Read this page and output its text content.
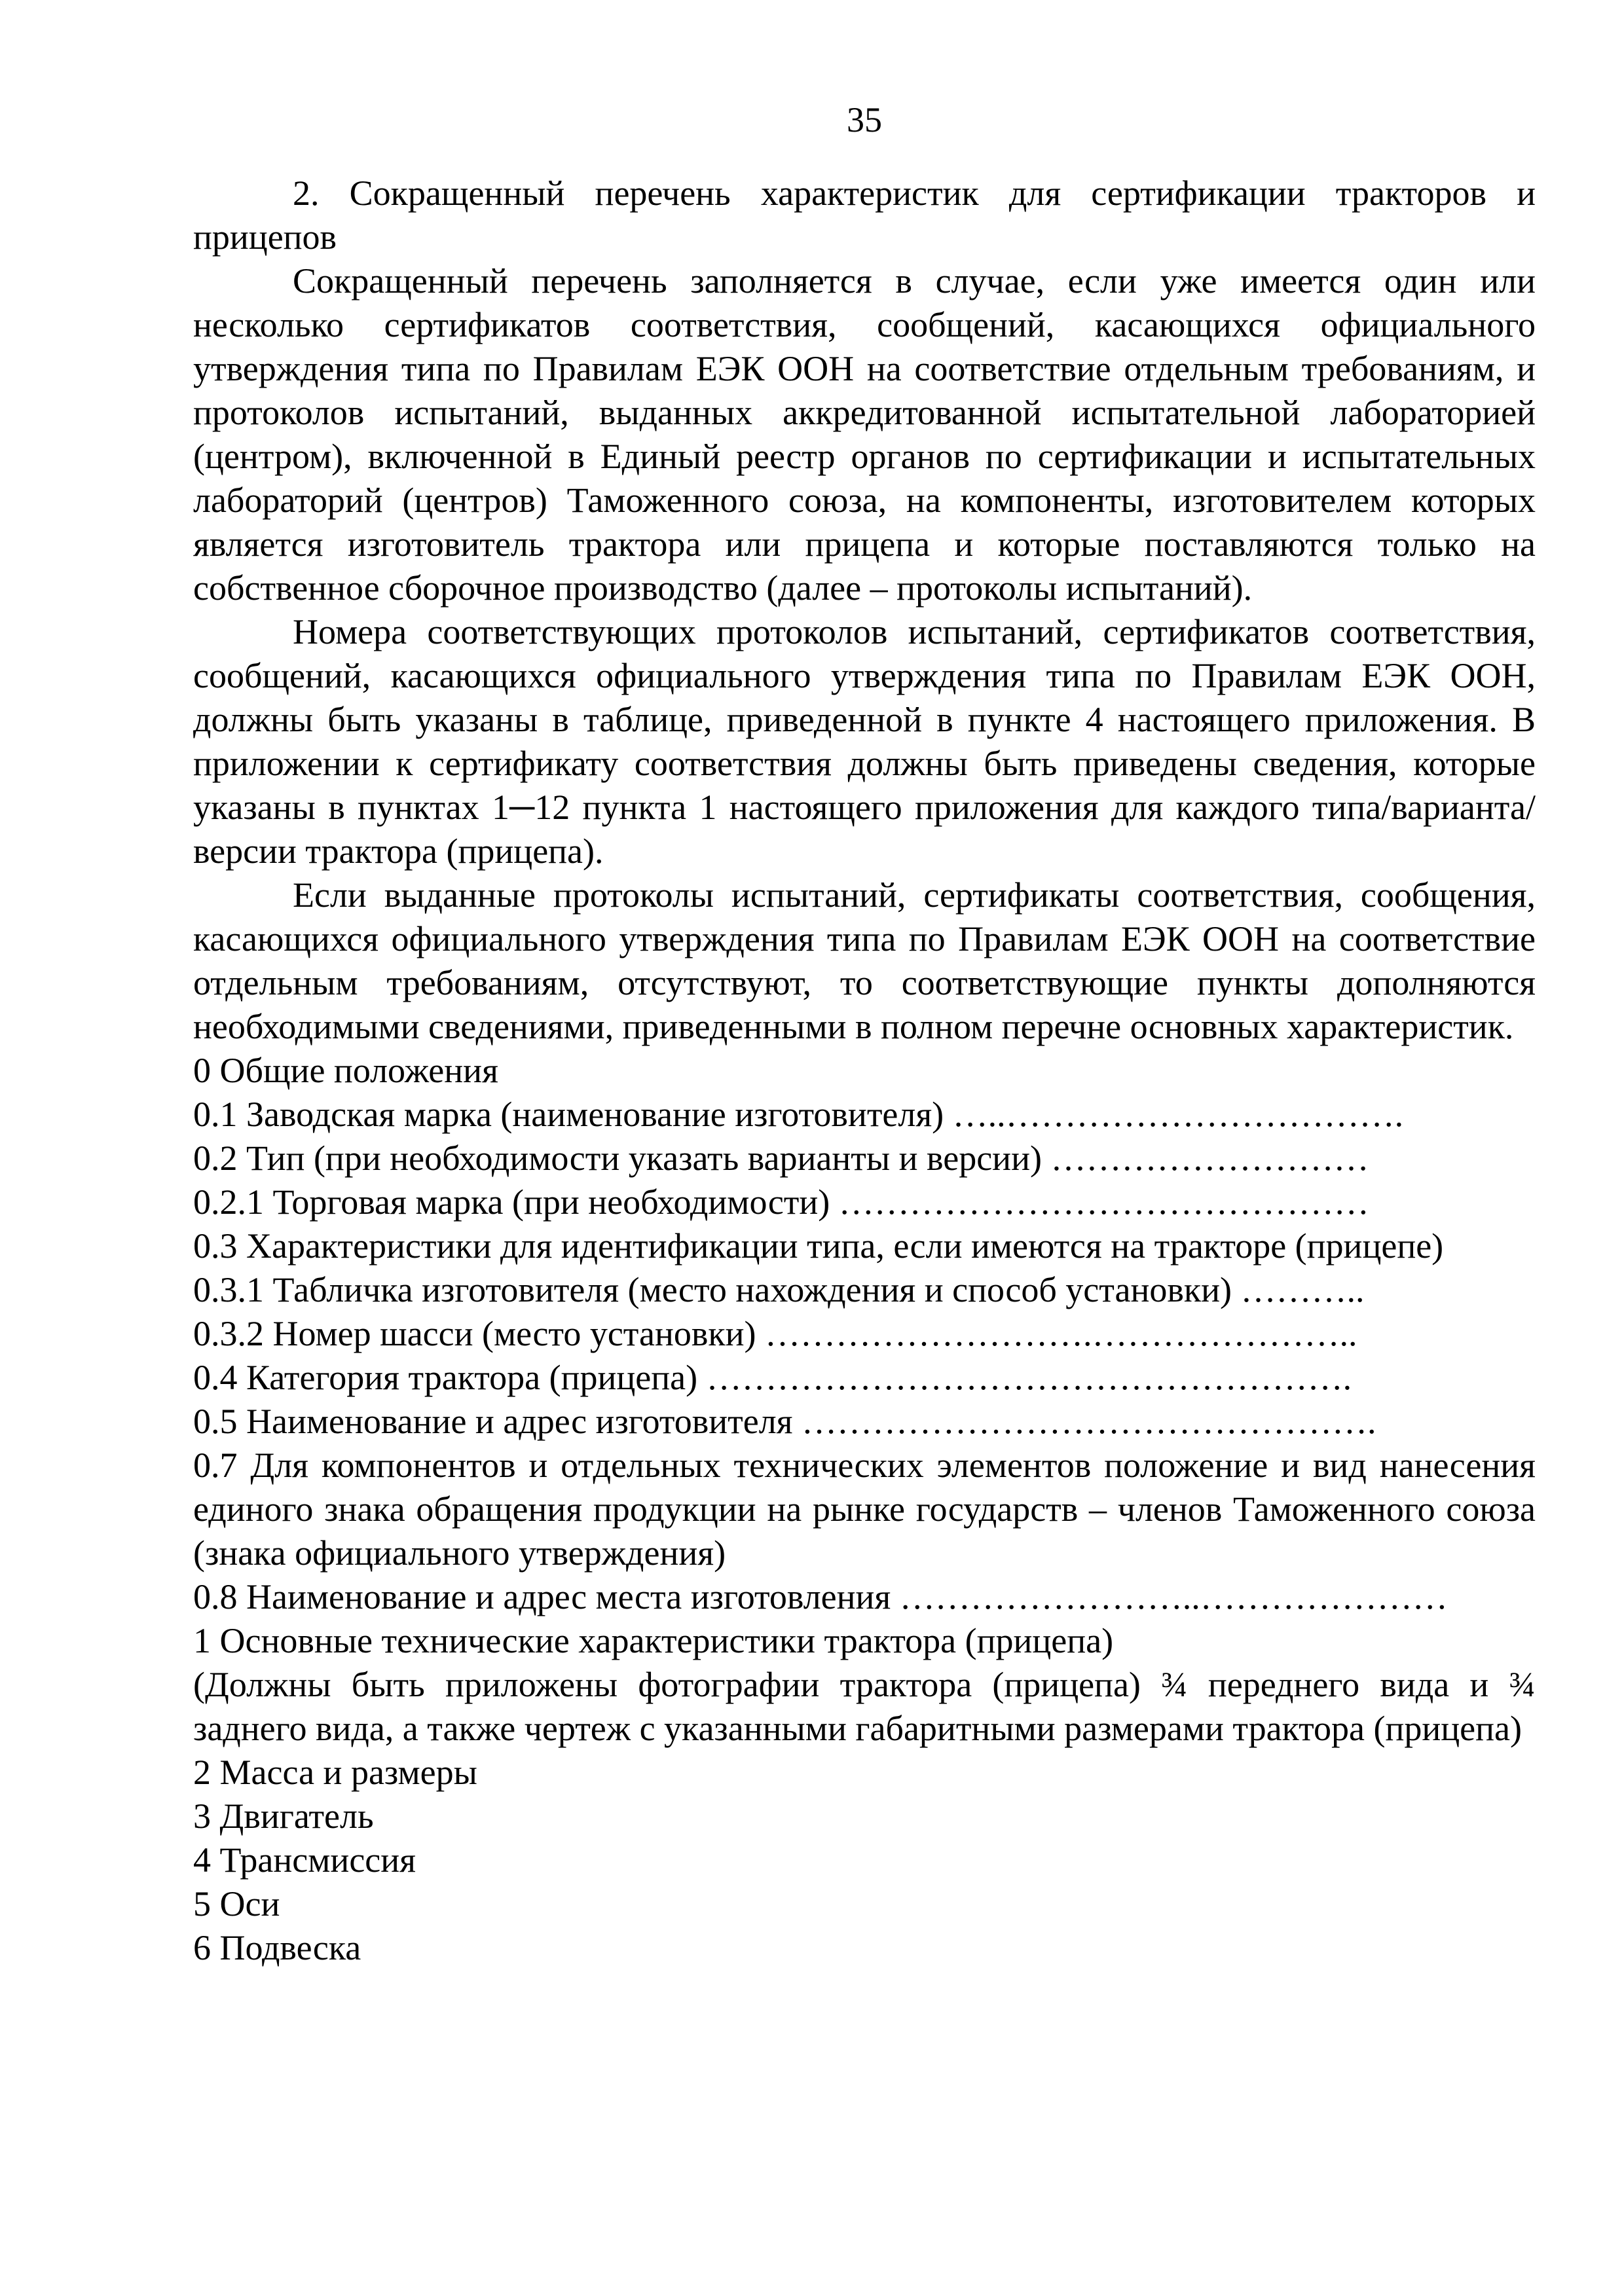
35

2. Сокращенный перечень характеристик для сертификации тракторов и прицепов

Сокращенный перечень заполняется в случае, если уже имеется один или несколько сертификатов соответствия, сообщений, касающихся официального утверждения типа по Правилам ЕЭК ООН на соответствие отдельным требованиям, и протоколов испытаний, выданных аккредитованной испытательной лабораторией (центром), включенной в Единый реестр органов по сертификации и испытательных лабораторий (центров) Таможенного союза, на компоненты, изготовителем которых является изготовитель трактора или прицепа и которые поставляются только на собственное сборочное производство (далее – протоколы испытаний).

Номера соответствующих протоколов испытаний, сертификатов соответствия, сообщений, касающихся официального утверждения типа по Правилам ЕЭК ООН, должны быть указаны в таблице, приведенной в пункте 4 настоящего приложения. В приложении к сертификату соответствия должны быть приведены сведения, которые указаны в пунктах 1─12 пункта 1 настоящего приложения для каждого типа/варианта/версии трактора (прицепа).

Если выданные протоколы испытаний, сертификаты соответствия, сообщения, касающихся официального утверждения типа по Правилам ЕЭК ООН на соответствие отдельным требованиям, отсутствуют, то соответствующие пункты дополняются необходимыми сведениями, приведенными в полном перечне основных характеристик.

0 Общие положения

0.1 Заводская марка (наименование изготовителя) …..…………………………….

0.2 Тип (при необходимости указать варианты и версии) ………………………

0.2.1 Торговая марка (при необходимости) ………………………………………

0.3 Характеристики для идентификации типа, если имеются на тракторе (прицепе)

0.3.1 Табличка изготовителя (место нахождения и способ установки) ………..

0.3.2 Номер шасси (место установки) ……………………….…………………..

0.4 Категория трактора (прицепа) ……………………………………………….

0.5 Наименование и адрес изготовителя ………………………………………….

0.7 Для компонентов и отдельных технических элементов положение и вид нанесения единого знака обращения продукции на рынке государств – членов Таможенного союза (знака официального утверждения)

0.8 Наименование и адрес места изготовления ……………………..…………………

1 Основные технические характеристики трактора (прицепа)

(Должны быть приложены фотографии трактора (прицепа) ¾ переднего вида и ¾ заднего вида, а также чертеж с указанными габаритными размерами трактора (прицепа)

2 Масса и размеры

3 Двигатель

4 Трансмиссия

5 Оси

6 Подвеска
